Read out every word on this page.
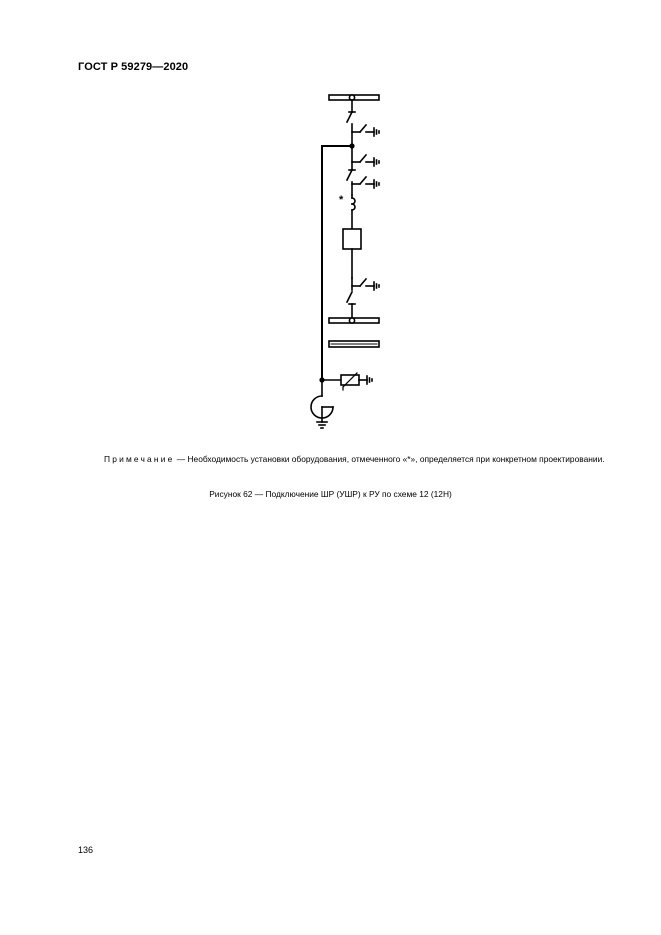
ГОСТ Р 59279—2020
*
Примечание — Необходимость установки оборудования, отмеченного «*», определяется при конкретном проектировании.
Рисунок 62 — Подключение ШР (УШР) к РУ по схеме 12 (12Н)
136
